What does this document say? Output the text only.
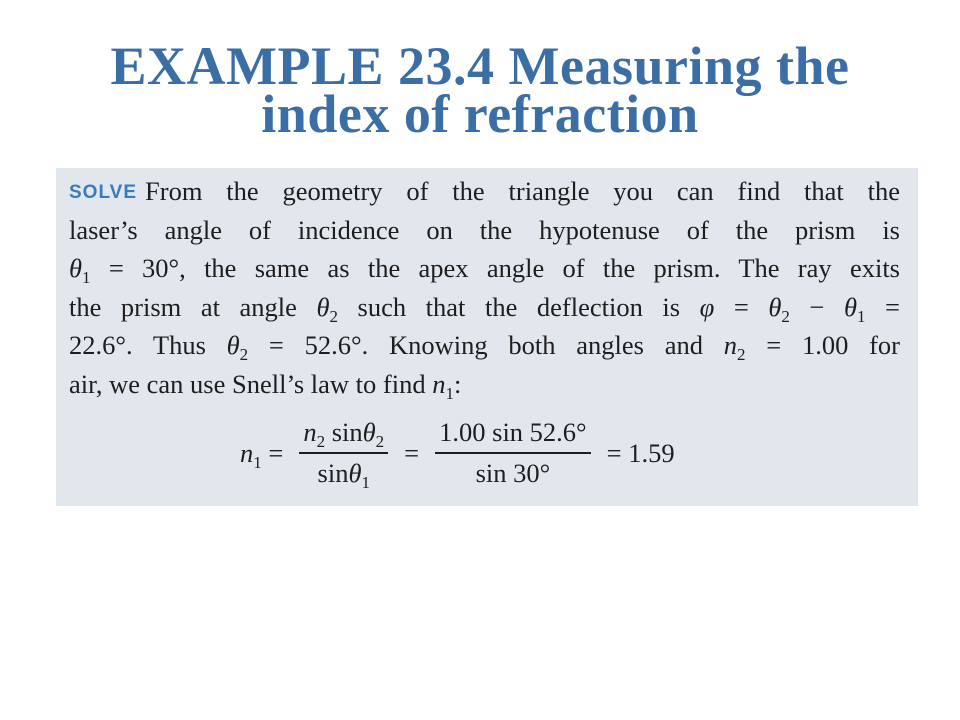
EXAMPLE 23.4 Measuring the
index of refraction
SOLVE From the geometry of the triangle you can find that the
laser’s angle of incidence on the hypotenuse of the prism is
$\theta_1 = 30^\circ$, the same as the apex angle of the prism. The ray exits
the prism at angle $\theta_2$ such that the deflection is $\varphi = \theta_2 - \theta_1$ =
22.6°. Thus $\theta_2 = 52.6^\circ$. Knowing both angles and $n_2 = 1.00$ for
air, we can use Snell’s law to find $n_1$:
$n_1 = \frac{n_2 \sin\theta_2}{\sin\theta_1} = \frac{1.00 \sin 52.6^\circ}{\sin 30^\circ} = 1.59$
